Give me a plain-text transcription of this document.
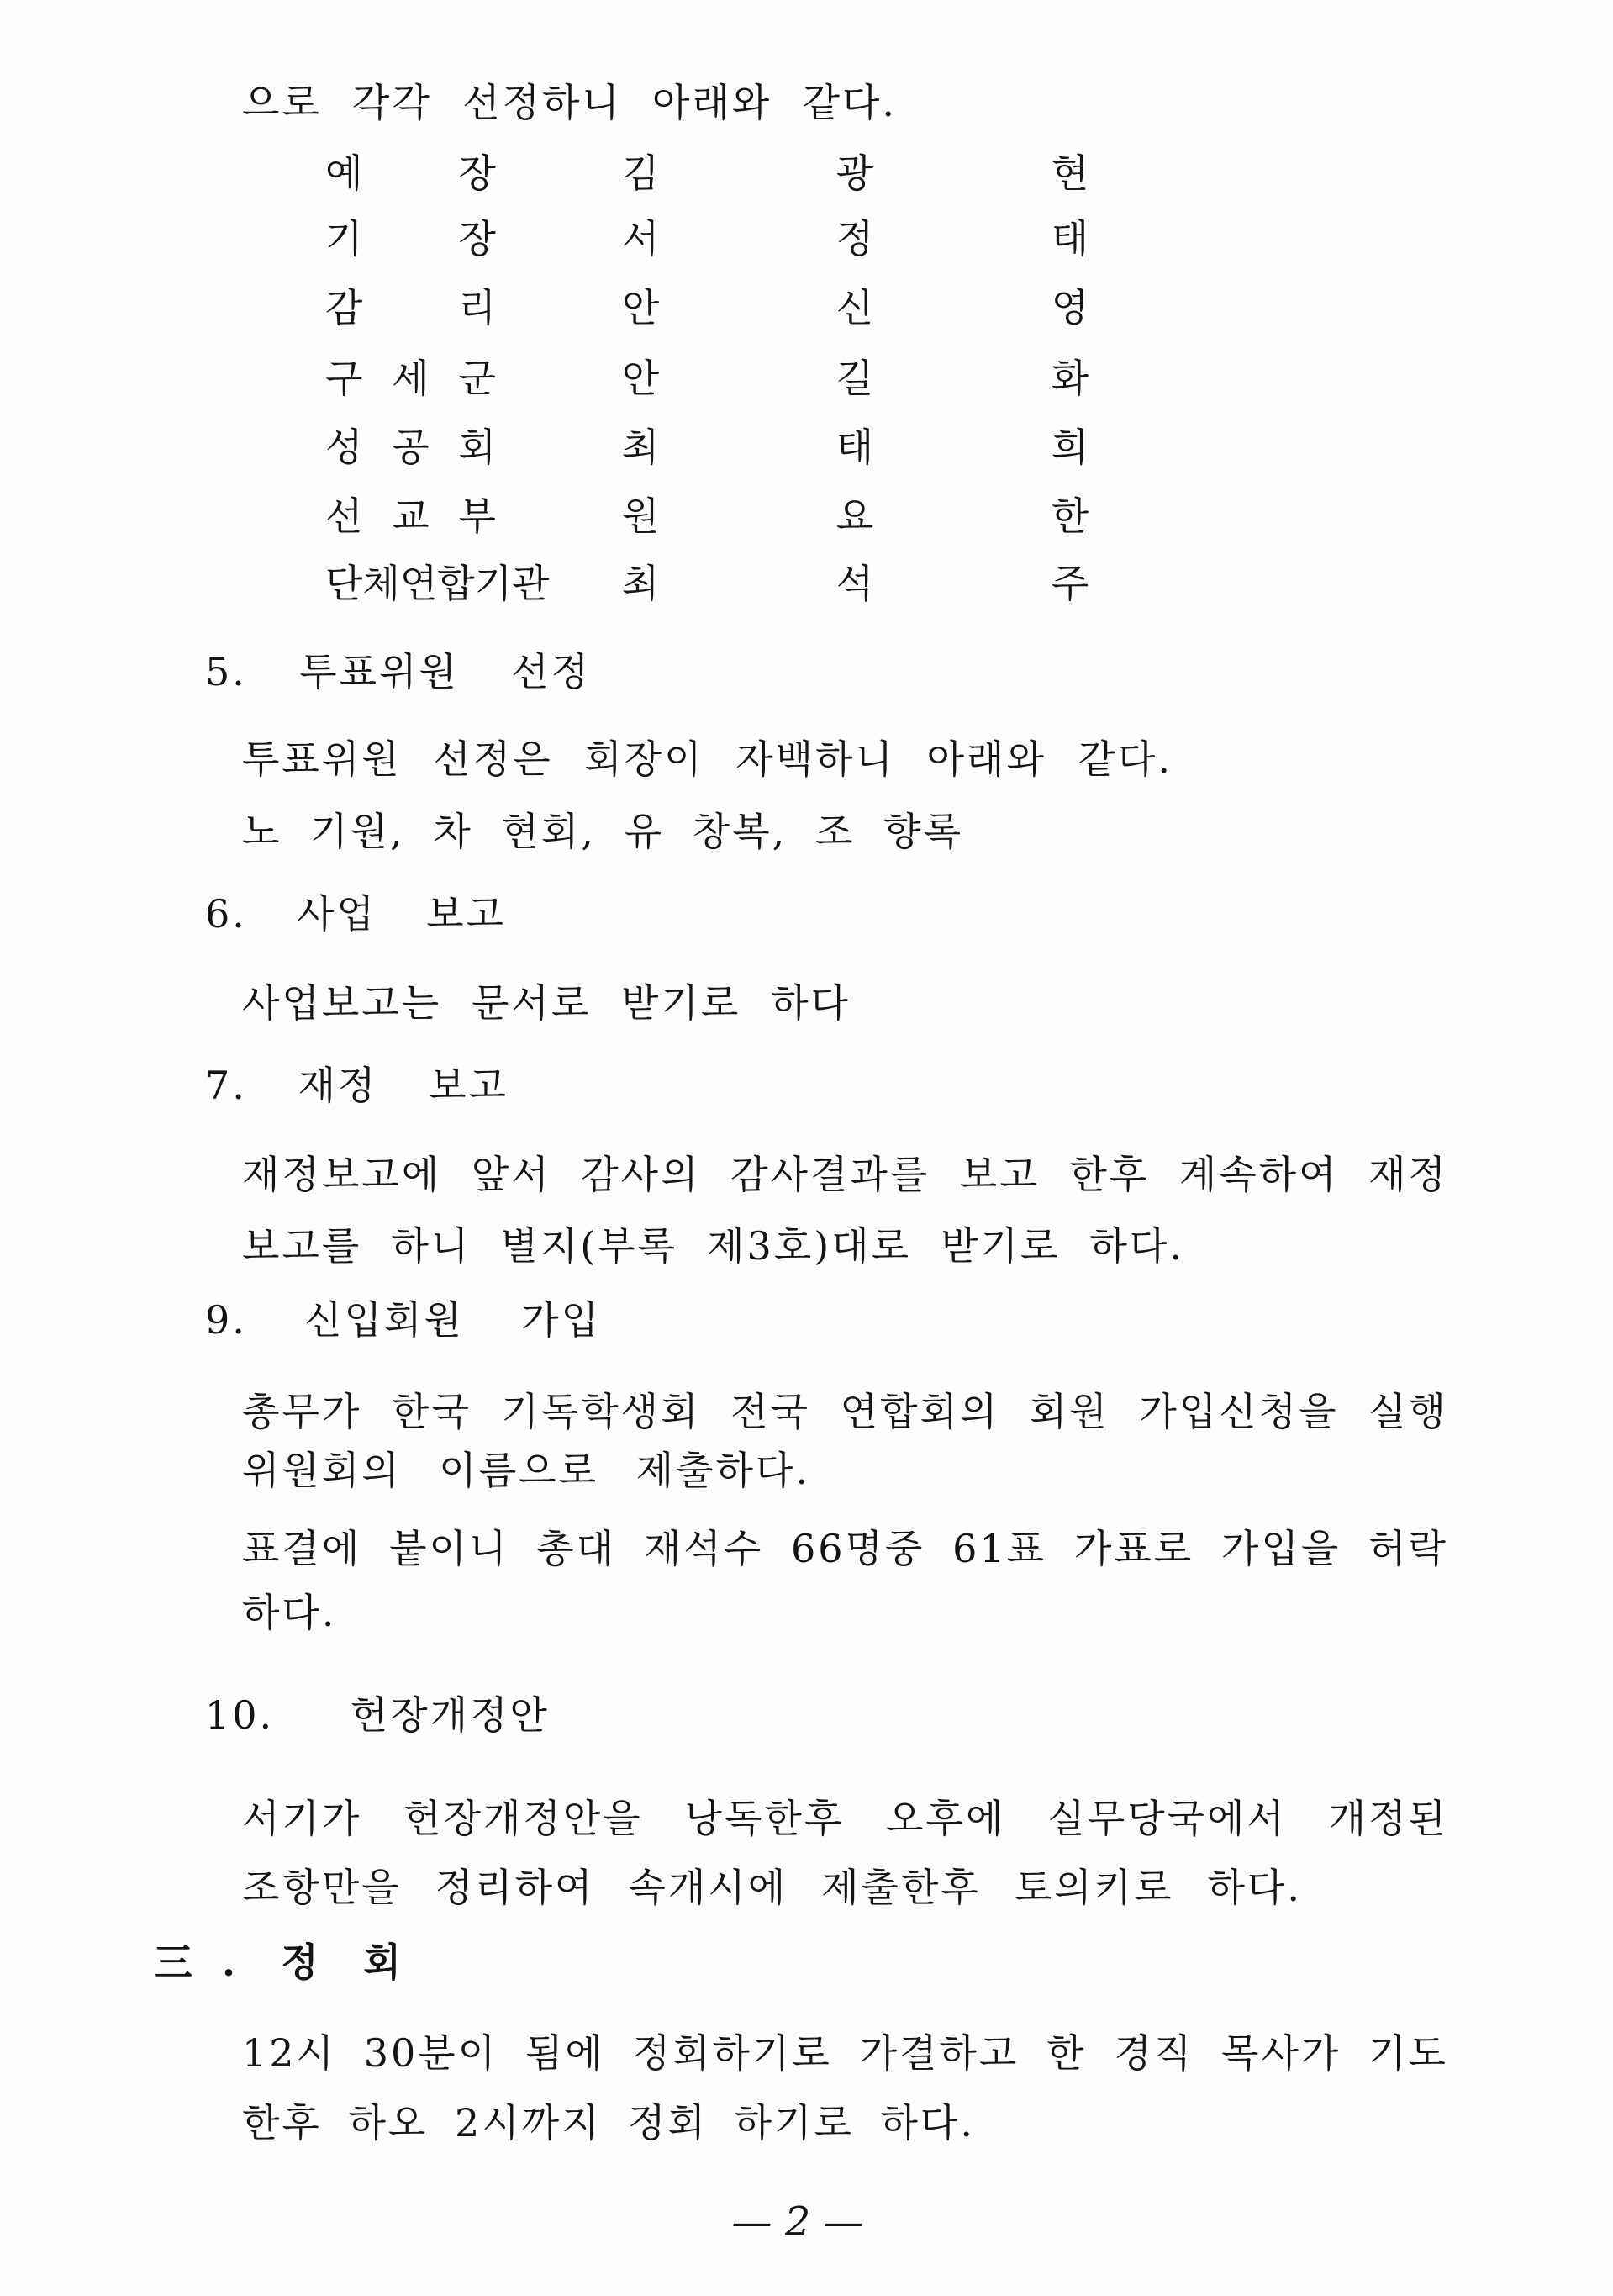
으로 각각 선정하니 아래와 같다.
예 장	김	광	현
기 장	서	정	태
감 리	안	신	영
구 세 군	안	길	화
성 공 회	최	태	희
선 교 부	원	요	한
단체연합기관	최	석	주
5. 투표위원 선정
투표위원 선정은 회장이 자백하니 아래와 같다.
노 기원, 차 현회, 유 창복, 조 향록
6. 사업 보고
사업보고는 문서로 받기로 하다
7. 재정 보고
재정보고에 앞서 감사의 감사결과를 보고 한후 계속하여 재정
보고를 하니 별지(부록 제3호)대로 받기로 하다.
9. 신입회원 가입
총무가 한국 기독학생회 전국 연합회의 회원 가입신청을 실행
위원회의 이름으로 제출하다.
표결에 붙이니 총대 재석수 66명중 61표 가표로 가입을 허락
하다.
10. 헌장개정안
서기가 헌장개정안을 낭독한후 오후에 실무당국에서 개정된
조항만을 정리하여 속개시에 제출한후 토의키로 하다.
三. 정 회
12시 30분이 됨에 정회하기로 가결하고 한 경직 목사가 기도
한후 하오 2시까지 정회 하기로 하다.
— 2 —
